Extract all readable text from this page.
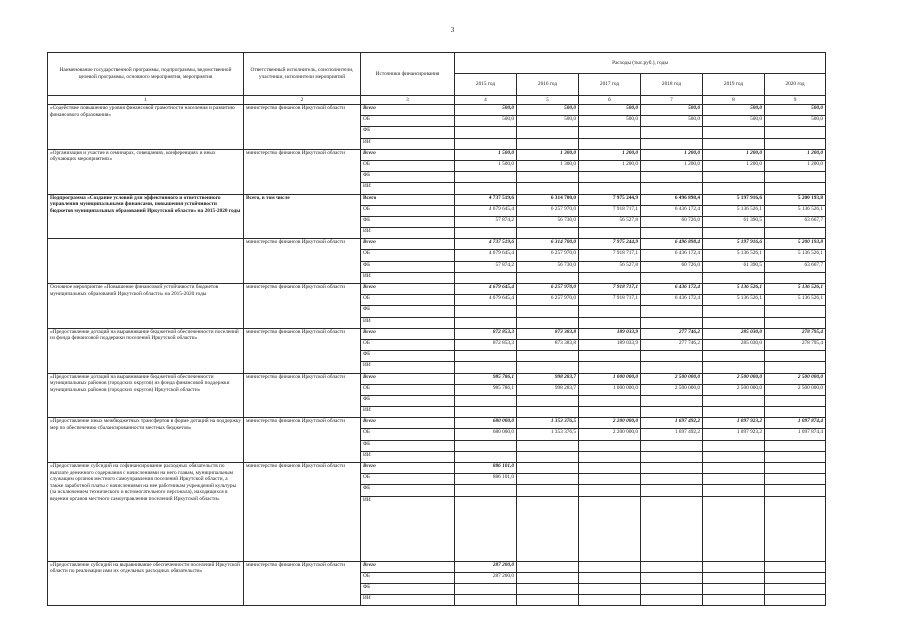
3
Наименование государственной программы, подпрограммы, ведомственной целевой программы, основного мероприятия, мероприятия	Ответственный исполнитель, соисполнители, участники, исполнители мероприятий	Источники финансирования	Расходы (тыс.руб.), годы					
			2015 год	2016 год	2017 год	2018 год	2019 год	2020 год
1	2	3	4	5	6	7	8	9
«Содействие повышению уровня финансовой грамотности населения и развитию финансового образования»	министерство финансов Иркутской области	Всего	500,0	500,0	500,0	500,0	500,0	500,0
		ОБ	500,0	500,0	500,0	500,0	500,0	500,0
		ФБ						
		ИИ						
«Организация и участие в семинарах, совещаниях, конференциях и иных обучающих мероприятиях»	министерство финансов Иркутской области	Всего	1 500,0	1 300,0	1 200,0	1 200,0	1 200,0	1 200,0
		ОБ	1 500,0	1 300,0	1 200,0	1 200,0	1 200,0	1 200,0
		ФБ						
		ИИ						
Подпрограмма «Создание условий для эффективного и ответственного управления муниципальными финансами, повышения устойчивости бюджетов муниципальных образований Иркутской области» на 2015-2020 годы	Всего, в том числе	Всего	4 737 519,6	6 314 700,0	7 975 244,9	6 496 898,4	5 197 916,6	5 200 193,8
		ОБ	4 679 645,4	6 257 970,0	7 918 717,1	6 436 172,4	5 136 526,1	5 136 526,1
		ФБ	57 874,2	56 730,0	56 527,8	60 726,0	61 390,5	63 667,7
		ИИ						
	министерство финансов Иркутской области	Всего	4 737 519,6	6 314 700,0	7 975 244,9	6 496 898,4	5 197 916,6	5 200 193,8
		ОБ	4 679 645,4	6 257 970,0	7 918 717,1	6 436 172,4	5 136 526,1	5 136 526,1
		ФБ	57 874,2	56 730,0	56 527,8	60 726,0	61 390,5	63 667,7
		ИИ						
Основное мероприятие «Повышение финансовой устойчивости бюджетов муниципальных образований Иркутской области» на 2015-2020 годы	министерство финансов Иркутской области	Всего	4 679 645,4	6 257 970,0	7 918 717,1	6 436 172,4	5 136 526,1	5 136 526,1
		ОБ	4 679 645,4	6 257 970,0	7 918 717,1	6 436 172,4	5 136 526,1	5 136 526,1
		ФБ						
		ИИ						
«Предоставление дотаций на выравнивание бюджетной обеспеченности поселений из фонда финансовой поддержки поселений Иркутской области»	министерство финансов Иркутской области	Всего	872 853,3	873 383,8	189 033,9	277 746,2	285 030,0	278 795,4
		ОБ	872 853,3	873 383,8	189 033,9	277 746,2	285 030,0	278 795,4
		ФБ						
		ИИ						
«Предоставление дотаций на выравнивание бюджетной обеспеченности муниципальных районов (городских округов) из фонда финансовой поддержки муниципальных районов (городских округов) Иркутской области»	министерство финансов Иркутской области	Всего	985 786,1	998 283,7	1 000 000,0	2 500 000,0	2 500 000,0	2 500 000,0
		ОБ	985 786,1	998 283,7	1 000 000,0	2 500 000,0	2 500 000,0	2 500 000,0
		ФБ						
		ИИ						
«Предоставление иных межбюджетных трансфертов в форме дотаций на поддержку мер по обеспечению сбалансированности местных бюджетов»	министерство финансов Иркутской области	Всего	680 000,0	1 353 376,5	2 200 000,0	1 697 492,2	1 097 923,2	1 097 874,4
		ОБ	680 000,0	1 353 376,5	2 200 000,0	1 697 492,2	1 097 923,2	1 097 874,4
		ФБ						
		ИИ						
«Предоставление субсидий на софинансирование расходных обязательств по выплате денежного содержания с начислениями на него главам, муниципальным служащим органов местного самоуправления поселений Иркутской области, а также заработной платы с начислениями на нее работникам учреждений культуры (за исключением технического и вспомогательного персонала), находящихся в ведении органов местного самоуправления поселений Иркутской области»	министерство финансов Иркутской области	Всего	886 101,0					
		ОБ	886 101,0					
		ФБ						
		ИИ						
«Предоставление субсидий на выравнивание обеспеченности поселений Иркутской области по реализации ими их отдельных расходных обязательств»	министерство финансов Иркутской области	Всего	287 200,0					
		ОБ	287 200,0					
		ФБ						
		ИИ						
